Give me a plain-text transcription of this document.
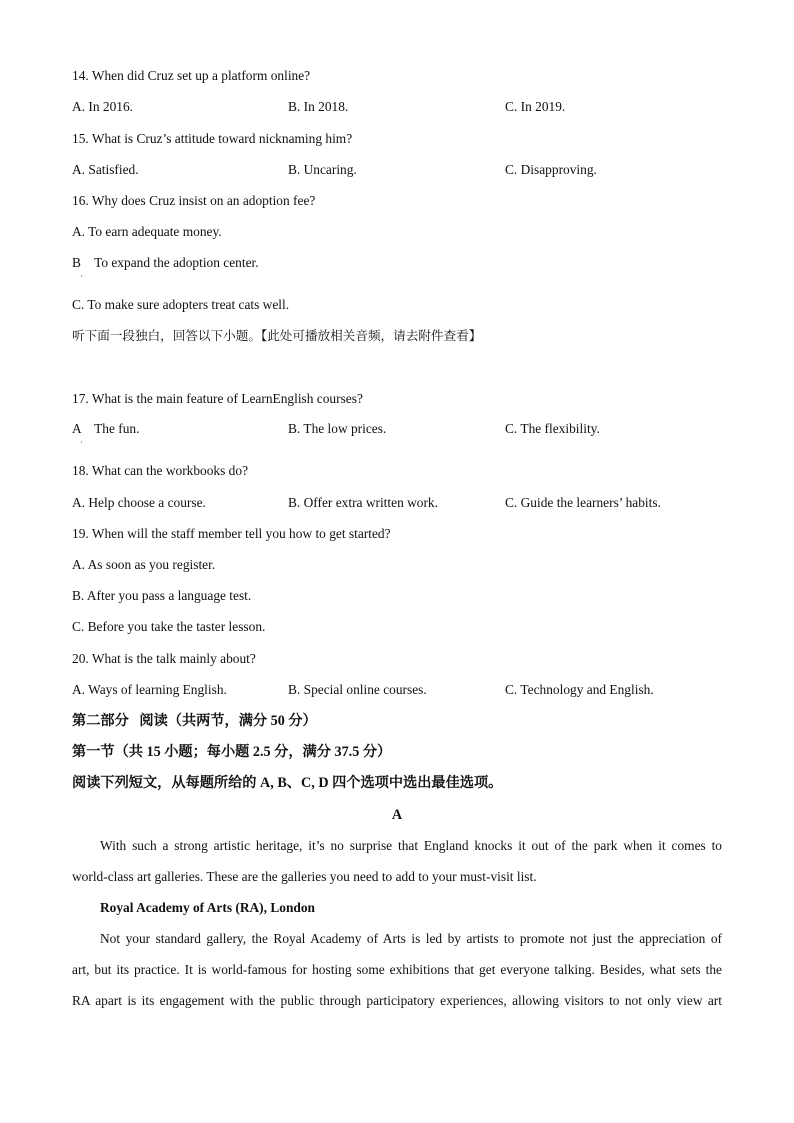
14. When did Cruz set up a platform online?
A. In 2016.	B. In 2018.	C. In 2019.
15. What is Cruz’s attitude toward nicknaming him?
A. Satisfied.	B. Uncaring.	C. Disapproving.
16. Why does Cruz insist on an adoption fee?
A. To earn adequate money.
B    To expand the adoption center.
·
C. To make sure adopters treat cats well.
听下面一段独白，回答以下小题。【此处可播放相关音频，请去附件查看】
17. What is the main feature of LearnEnglish courses?
A    The fun.
·
B. The low prices.	C. The flexibility.
18. What can the workbooks do?
A. Help choose a course.	B. Offer extra written work.	C. Guide the learners’ habits.
19. When will the staff member tell you how to get started?
A. As soon as you register.
B. After you pass a language test.
C. Before you take the taster lesson.
20. What is the talk mainly about?
A. Ways of learning English.	B. Special online courses.	C. Technology and English.
第二部分   阅读（共两节，满分 50 分）
第一节（共 15 小题；每小题 2.5 分，满分 37.5 分）
阅读下列短文，从每题所给的 A, B、C, D 四个选项中选出最佳选项。
A
With such a strong artistic heritage, it’s no surprise that England knocks it out of the park when it comes to
world-class art galleries. These are the galleries you need to add to your must-visit list.
Royal Academy of Arts (RA), London
Not your standard gallery, the Royal Academy of Arts is led by artists to promote not just the appreciation of
art, but its practice. It is world-famous for hosting some exhibitions that get everyone talking. Besides, what sets the
RA apart is its engagement with the public through participatory experiences, allowing visitors to not only view art
